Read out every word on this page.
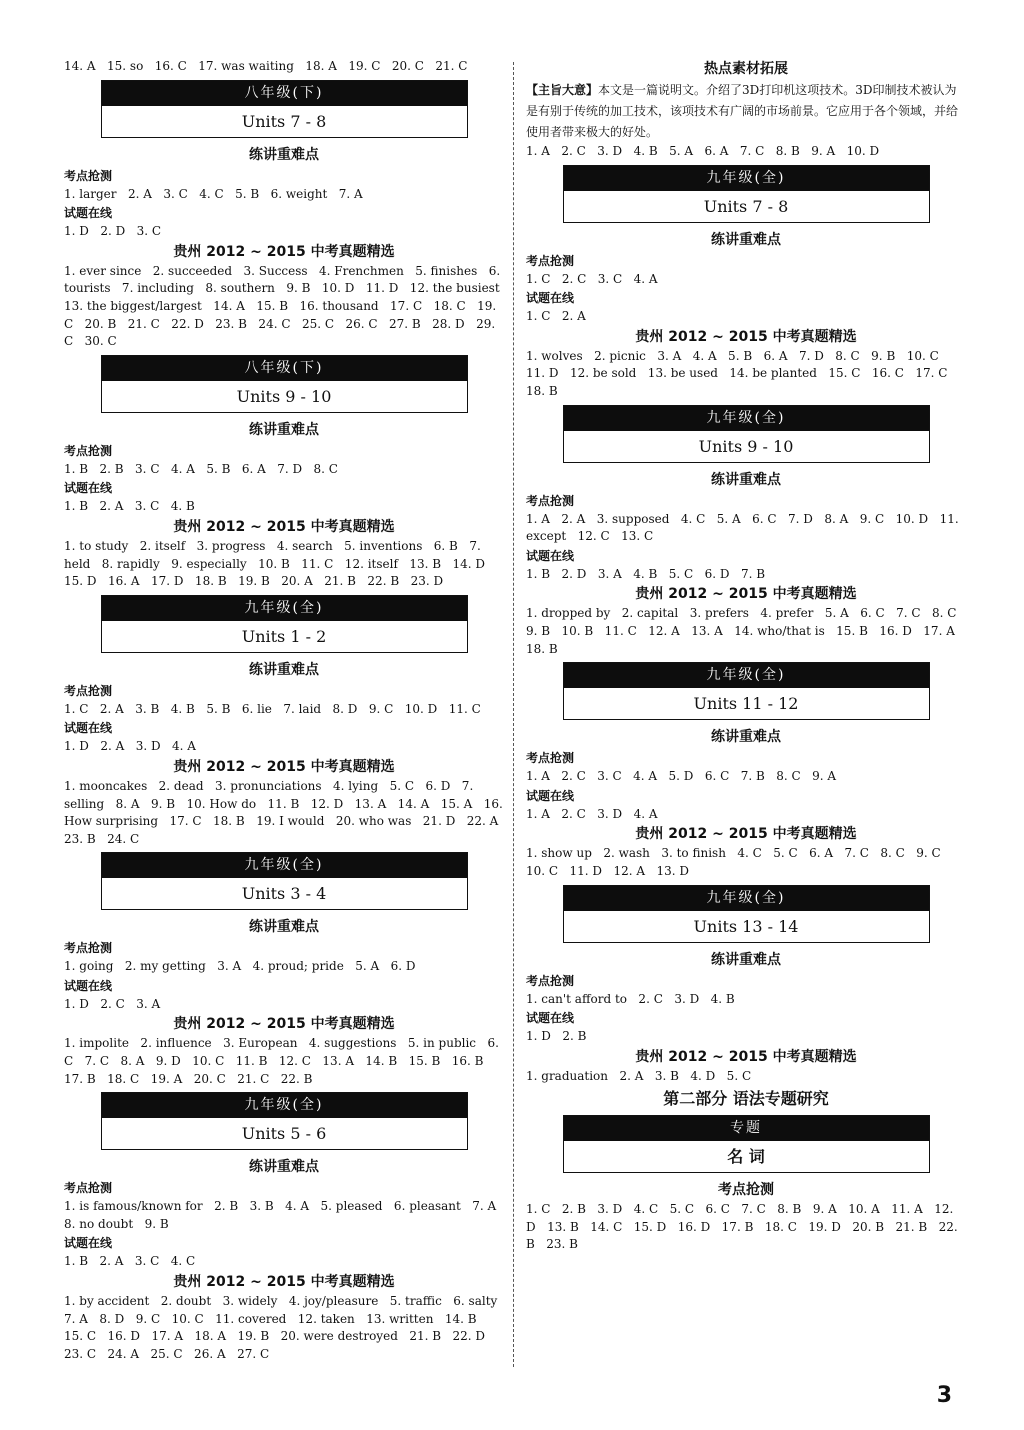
14. A   15. so   16. C   17. was waiting   18. A   19. C   20. C   21. C

八年级(下)
Units 7 - 8
练讲重难点
考点抢测

1. larger   2. A   3. C   4. C   5. B   6. weight   7. A

试题在线

1. D   2. D   3. C

贵州 2012 ~ 2015 中考真题精选

1. ever since   2. succeeded   3. Success   4. Frenchmen   5. finishes   6. tourists   7. including   8. southern   9. B   10. D   11. D   12. the busiest   13. the biggest/largest   14. A   15. B   16. thousand   17. C   18. C   19. C   20. B   21. C   22. D   23. B   24. C   25. C   26. C   27. B   28. D   29. C   30. C

八年级(下)
Units 9 - 10
练讲重难点
考点抢测

1. B   2. B   3. C   4. A   5. B   6. A   7. D   8. C

试题在线

1. B   2. A   3. C   4. B

贵州 2012 ~ 2015 中考真题精选

1. to study   2. itself   3. progress   4. search   5. inventions   6. B   7. held   8. rapidly   9. especially   10. B   11. C   12. itself   13. B   14. D   15. D   16. A   17. D   18. B   19. B   20. A   21. B   22. B   23. D

九年级(全)
Units 1 - 2
练讲重难点
考点抢测

1. C   2. A   3. B   4. B   5. B   6. lie   7. laid   8. D   9. C   10. D   11. C

试题在线

1. D   2. A   3. D   4. A

贵州 2012 ~ 2015 中考真题精选

1. mooncakes   2. dead   3. pronunciations   4. lying   5. C   6. D   7. selling   8. A   9. B   10. How do   11. B   12. D   13. A   14. A   15. A   16. How surprising   17. C   18. B   19. I would   20. who was   21. D   22. A   23. B   24. C

九年级(全)
Units 3 - 4
练讲重难点
考点抢测

1. going   2. my getting   3. A   4. proud; pride   5. A   6. D

试题在线

1. D   2. C   3. A

贵州 2012 ~ 2015 中考真题精选

1. impolite   2. influence   3. European   4. suggestions   5. in public   6. C   7. C   8. A   9. D   10. C   11. B   12. C   13. A   14. B   15. B   16. B   17. B   18. C   19. A   20. C   21. C   22. B

九年级(全)
Units 5 - 6
练讲重难点
考点抢测

1. is famous/known for   2. B   3. B   4. A   5. pleased   6. pleasant   7. A   8. no doubt   9. B

试题在线

1. B   2. A   3. C   4. C

贵州 2012 ~ 2015 中考真题精选

1. by accident   2. doubt   3. widely   4. joy/pleasure   5. traffic   6. salty   7. A   8. D   9. C   10. C   11. covered   12. taken   13. written   14. B   15. C   16. D   17. A   18. A   19. B   20. were destroyed   21. B   22. D   23. C   24. A   25. C   26. A   27. C

热点素材拓展

【主旨大意】本文是一篇说明文。介绍了3D打印机这项技术。3D印制技术被认为是有别于传统的加工技术，该项技术有广阔的市场前景。它应用于各个领域，并给使用者带来极大的好处。

1. A   2. C   3. D   4. B   5. A   6. A   7. C   8. B   9. A   10. D

九年级(全)
Units 7 - 8
练讲重难点
考点抢测

1. C   2. C   3. C   4. A

试题在线

1. C   2. A

贵州 2012 ~ 2015 中考真题精选

1. wolves   2. picnic   3. A   4. A   5. B   6. A   7. D   8. C   9. B   10. C   11. D   12. be sold   13. be used   14. be planted   15. C   16. C   17. C   18. B

九年级(全)
Units 9 - 10
练讲重难点
考点抢测

1. A   2. A   3. supposed   4. C   5. A   6. C   7. D   8. A   9. C   10. D   11. except   12. C   13. C

试题在线

1. B   2. D   3. A   4. B   5. C   6. D   7. B

贵州 2012 ~ 2015 中考真题精选

1. dropped by   2. capital   3. prefers   4. prefer   5. A   6. C   7. C   8. C   9. B   10. B   11. C   12. A   13. A   14. who/that is   15. B   16. D   17. A   18. B

九年级(全)
Units 11 - 12
练讲重难点
考点抢测

1. A   2. C   3. C   4. A   5. D   6. C   7. B   8. C   9. A

试题在线

1. A   2. C   3. D   4. A

贵州 2012 ~ 2015 中考真题精选

1. show up   2. wash   3. to finish   4. C   5. C   6. A   7. C   8. C   9. C   10. C   11. D   12. A   13. D

九年级(全)
Units 13 - 14
练讲重难点
考点抢测

1. can't afford to   2. C   3. D   4. B

试题在线

1. D   2. B

贵州 2012 ~ 2015 中考真题精选

1. graduation   2. A   3. B   4. D   5. C

第二部分 语法专题研究
专题
名 词
考点抢测

1. C   2. B   3. D   4. C   5. C   6. C   7. C   8. B   9. A   10. A   11. A   12. D   13. B   14. C   15. D   16. D   17. B   18. C   19. D   20. B   21. B   22. B   23. B

3
